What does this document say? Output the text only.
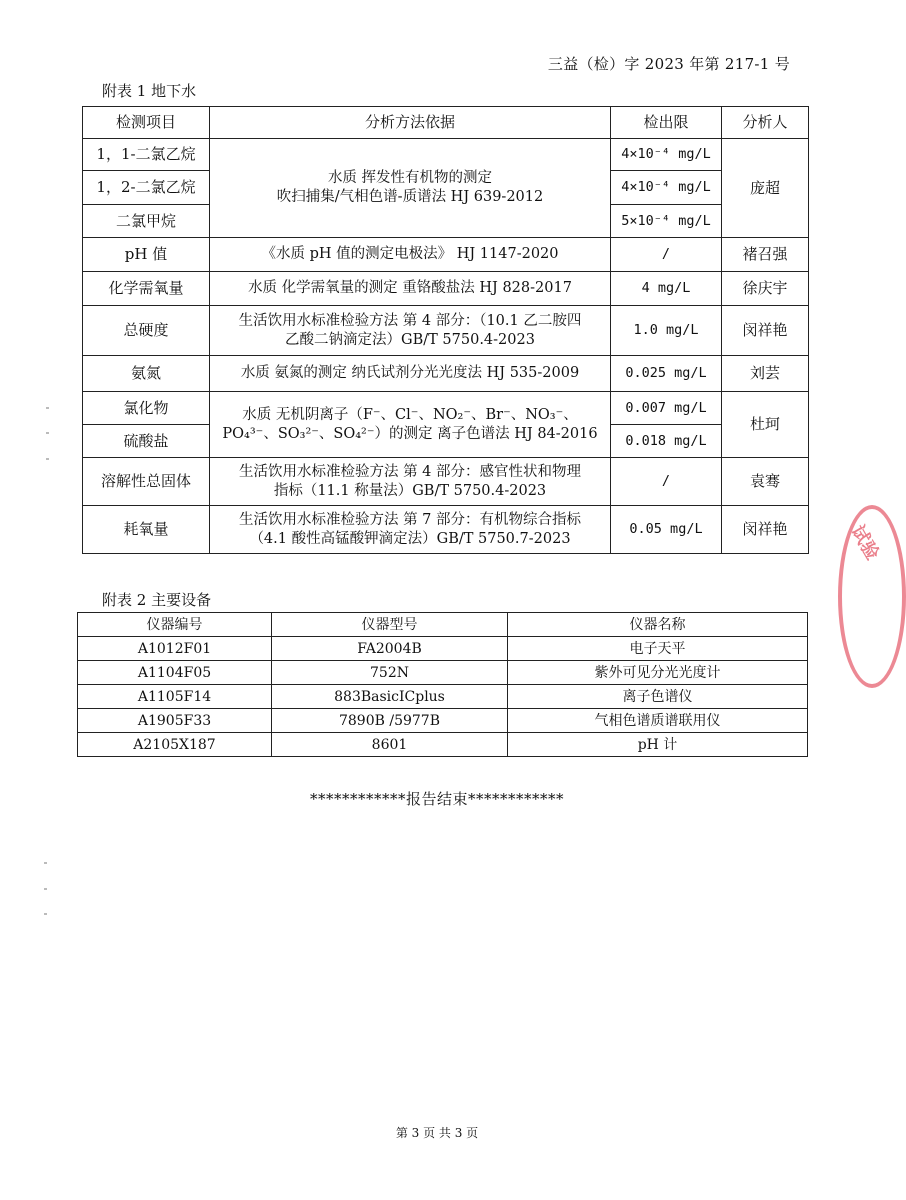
三益（检）字 2023 年第 217-1 号
附表 1 地下水
检测项目	分析方法依据	检出限	分析人
1，1-二氯乙烷	水质 挥发性有机物的测定
吹扫捕集/气相色谱-质谱法 HJ 639-2012	4×10⁻⁴ mg/L	庞超
1，2-二氯乙烷		4×10⁻⁴ mg/L	
二氯甲烷		5×10⁻⁴ mg/L	
pH 值	《水质 pH 值的测定电极法》 HJ 1147-2020	/	褚召强
化学需氧量	水质 化学需氧量的测定 重铬酸盐法 HJ 828-2017	4 mg/L	徐庆宇
总硬度	生活饮用水标准检验方法 第 4 部分：（10.1 乙二胺四
乙酸二钠滴定法）GB/T 5750.4-2023	1.0 mg/L	闵祥艳
氨氮	水质 氨氮的测定 纳氏试剂分光光度法 HJ 535-2009	0.025 mg/L	刘芸
氯化物	水质 无机阴离子（F⁻、Cl⁻、NO₂⁻、Br⁻、NO₃⁻、
PO₄³⁻、SO₃²⁻、SO₄²⁻）的测定 离子色谱法 HJ 84-2016	0.007 mg/L	杜珂
硫酸盐		0.018 mg/L	
溶解性总固体	生活饮用水标准检验方法 第 4 部分：感官性状和物理
指标（11.1 称量法）GB/T 5750.4-2023	/	袁骞
耗氧量	生活饮用水标准检验方法 第 7 部分：有机物综合指标
（4.1 酸性高锰酸钾滴定法）GB/T 5750.7-2023	0.05 mg/L	闵祥艳
附表 2 主要设备
仪器编号	仪器型号	仪器名称
A1012F01	FA2004B	电子天平
A1104F05	752N	紫外可见分光光度计
A1105F14	883BasicICplus	离子色谱仪
A1905F33	7890B /5977B	气相色谱质谱联用仪
A2105X187	8601	pH 计
************报告结束************
第 3 页 共 3 页
试验
